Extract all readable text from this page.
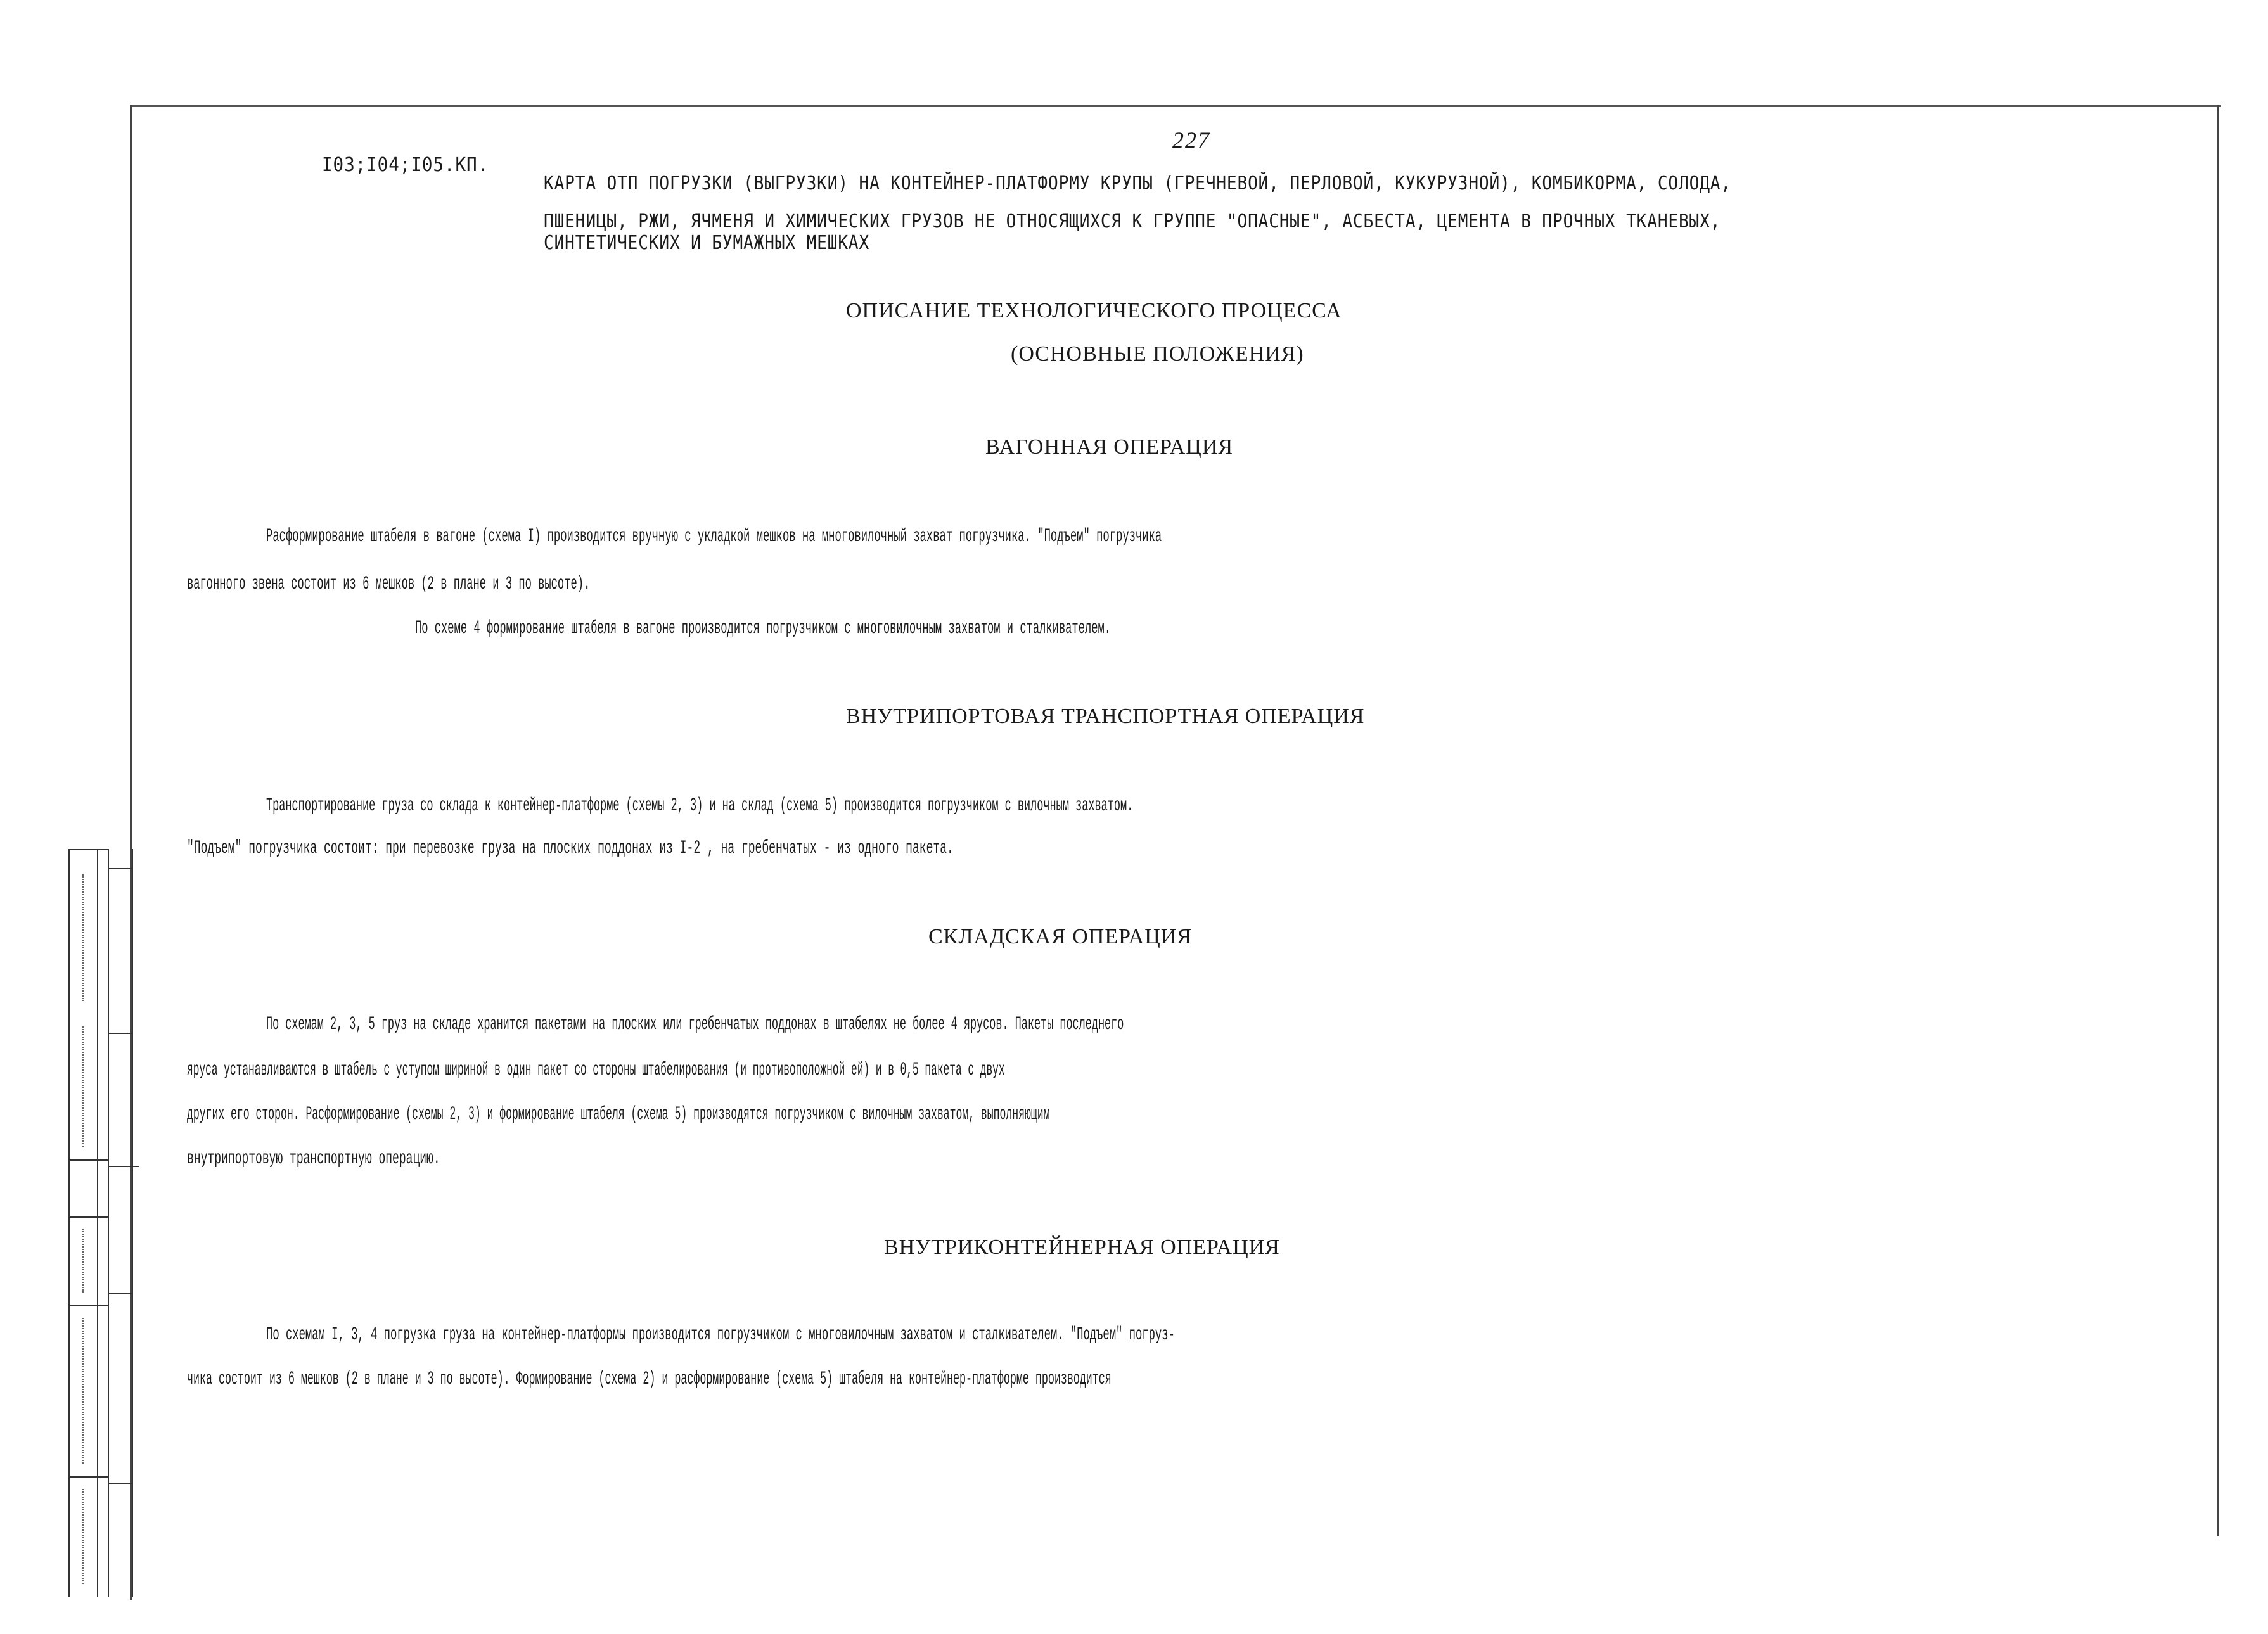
227
I03;I04;I05.КП.
КАРТА ОТП ПОГРУЗКИ (ВЫГРУЗКИ) НА КОНТЕЙНЕР-ПЛАТФОРМУ КРУПЫ (ГРЕЧНЕВОЙ, ПЕРЛОВОЙ, КУКУРУЗНОЙ), КОМБИКОРМА, СОЛОДА,
ПШЕНИЦЫ, РЖИ, ЯЧМЕНЯ И ХИМИЧЕСКИХ ГРУЗОВ НЕ ОТНОСЯЩИХСЯ К ГРУППЕ "ОПАСНЫЕ", АСБЕСТА, ЦЕМЕНТА В ПРОЧНЫХ ТКАНЕВЫХ,
СИНТЕТИЧЕСКИХ И БУМАЖНЫХ МЕШКАХ
ОПИСАНИЕ ТЕХНОЛОГИЧЕСКОГО ПРОЦЕССА
(ОСНОВНЫЕ ПОЛОЖЕНИЯ)
ВАГОННАЯ ОПЕРАЦИЯ
Расформирование штабеля в вагоне (схема I) производится вручную с укладкой мешков на многовилочный захват погрузчика. "Подъем" погрузчика
вагонного звена состоит из 6 мешков (2 в плане и 3 по высоте).
По схеме 4 формирование штабеля в вагоне производится погрузчиком с многовилочным захватом и сталкивателем.
ВНУТРИПОРТОВАЯ ТРАНСПОРТНАЯ ОПЕРАЦИЯ
Транспортирование груза со склада к контейнер-платформе (схемы 2, 3) и на склад (схема 5) производится погрузчиком с вилочным захватом.
"Подъем" погрузчика состоит: при перевозке груза на плоских поддонах из I-2 , на гребенчатых - из одного пакета.
СКЛАДСКАЯ ОПЕРАЦИЯ
По схемам 2, 3, 5 груз на складе хранится пакетами на плоских или гребенчатых поддонах в штабелях не более 4 ярусов. Пакеты последнего
яруса устанавливаются в штабель с уступом шириной в один пакет со стороны штабелирования (и противоположной ей) и в 0,5 пакета с двух
других его сторон. Расформирование (схемы 2, 3) и формирование штабеля (схема 5) производятся погрузчиком с вилочным захватом, выполняющим
внутрипортовую транспортную операцию.
ВНУТРИКОНТЕЙНЕРНАЯ ОПЕРАЦИЯ
По схемам I, 3, 4 погрузка груза на контейнер-платформы производится погрузчиком с многовилочным захватом и сталкивателем. "Подъем" погруз-
чика состоит из 6 мешков (2 в плане и 3 по высоте). Формирование (схема 2) и расформирование (схема 5) штабеля на контейнер-платформе производится
